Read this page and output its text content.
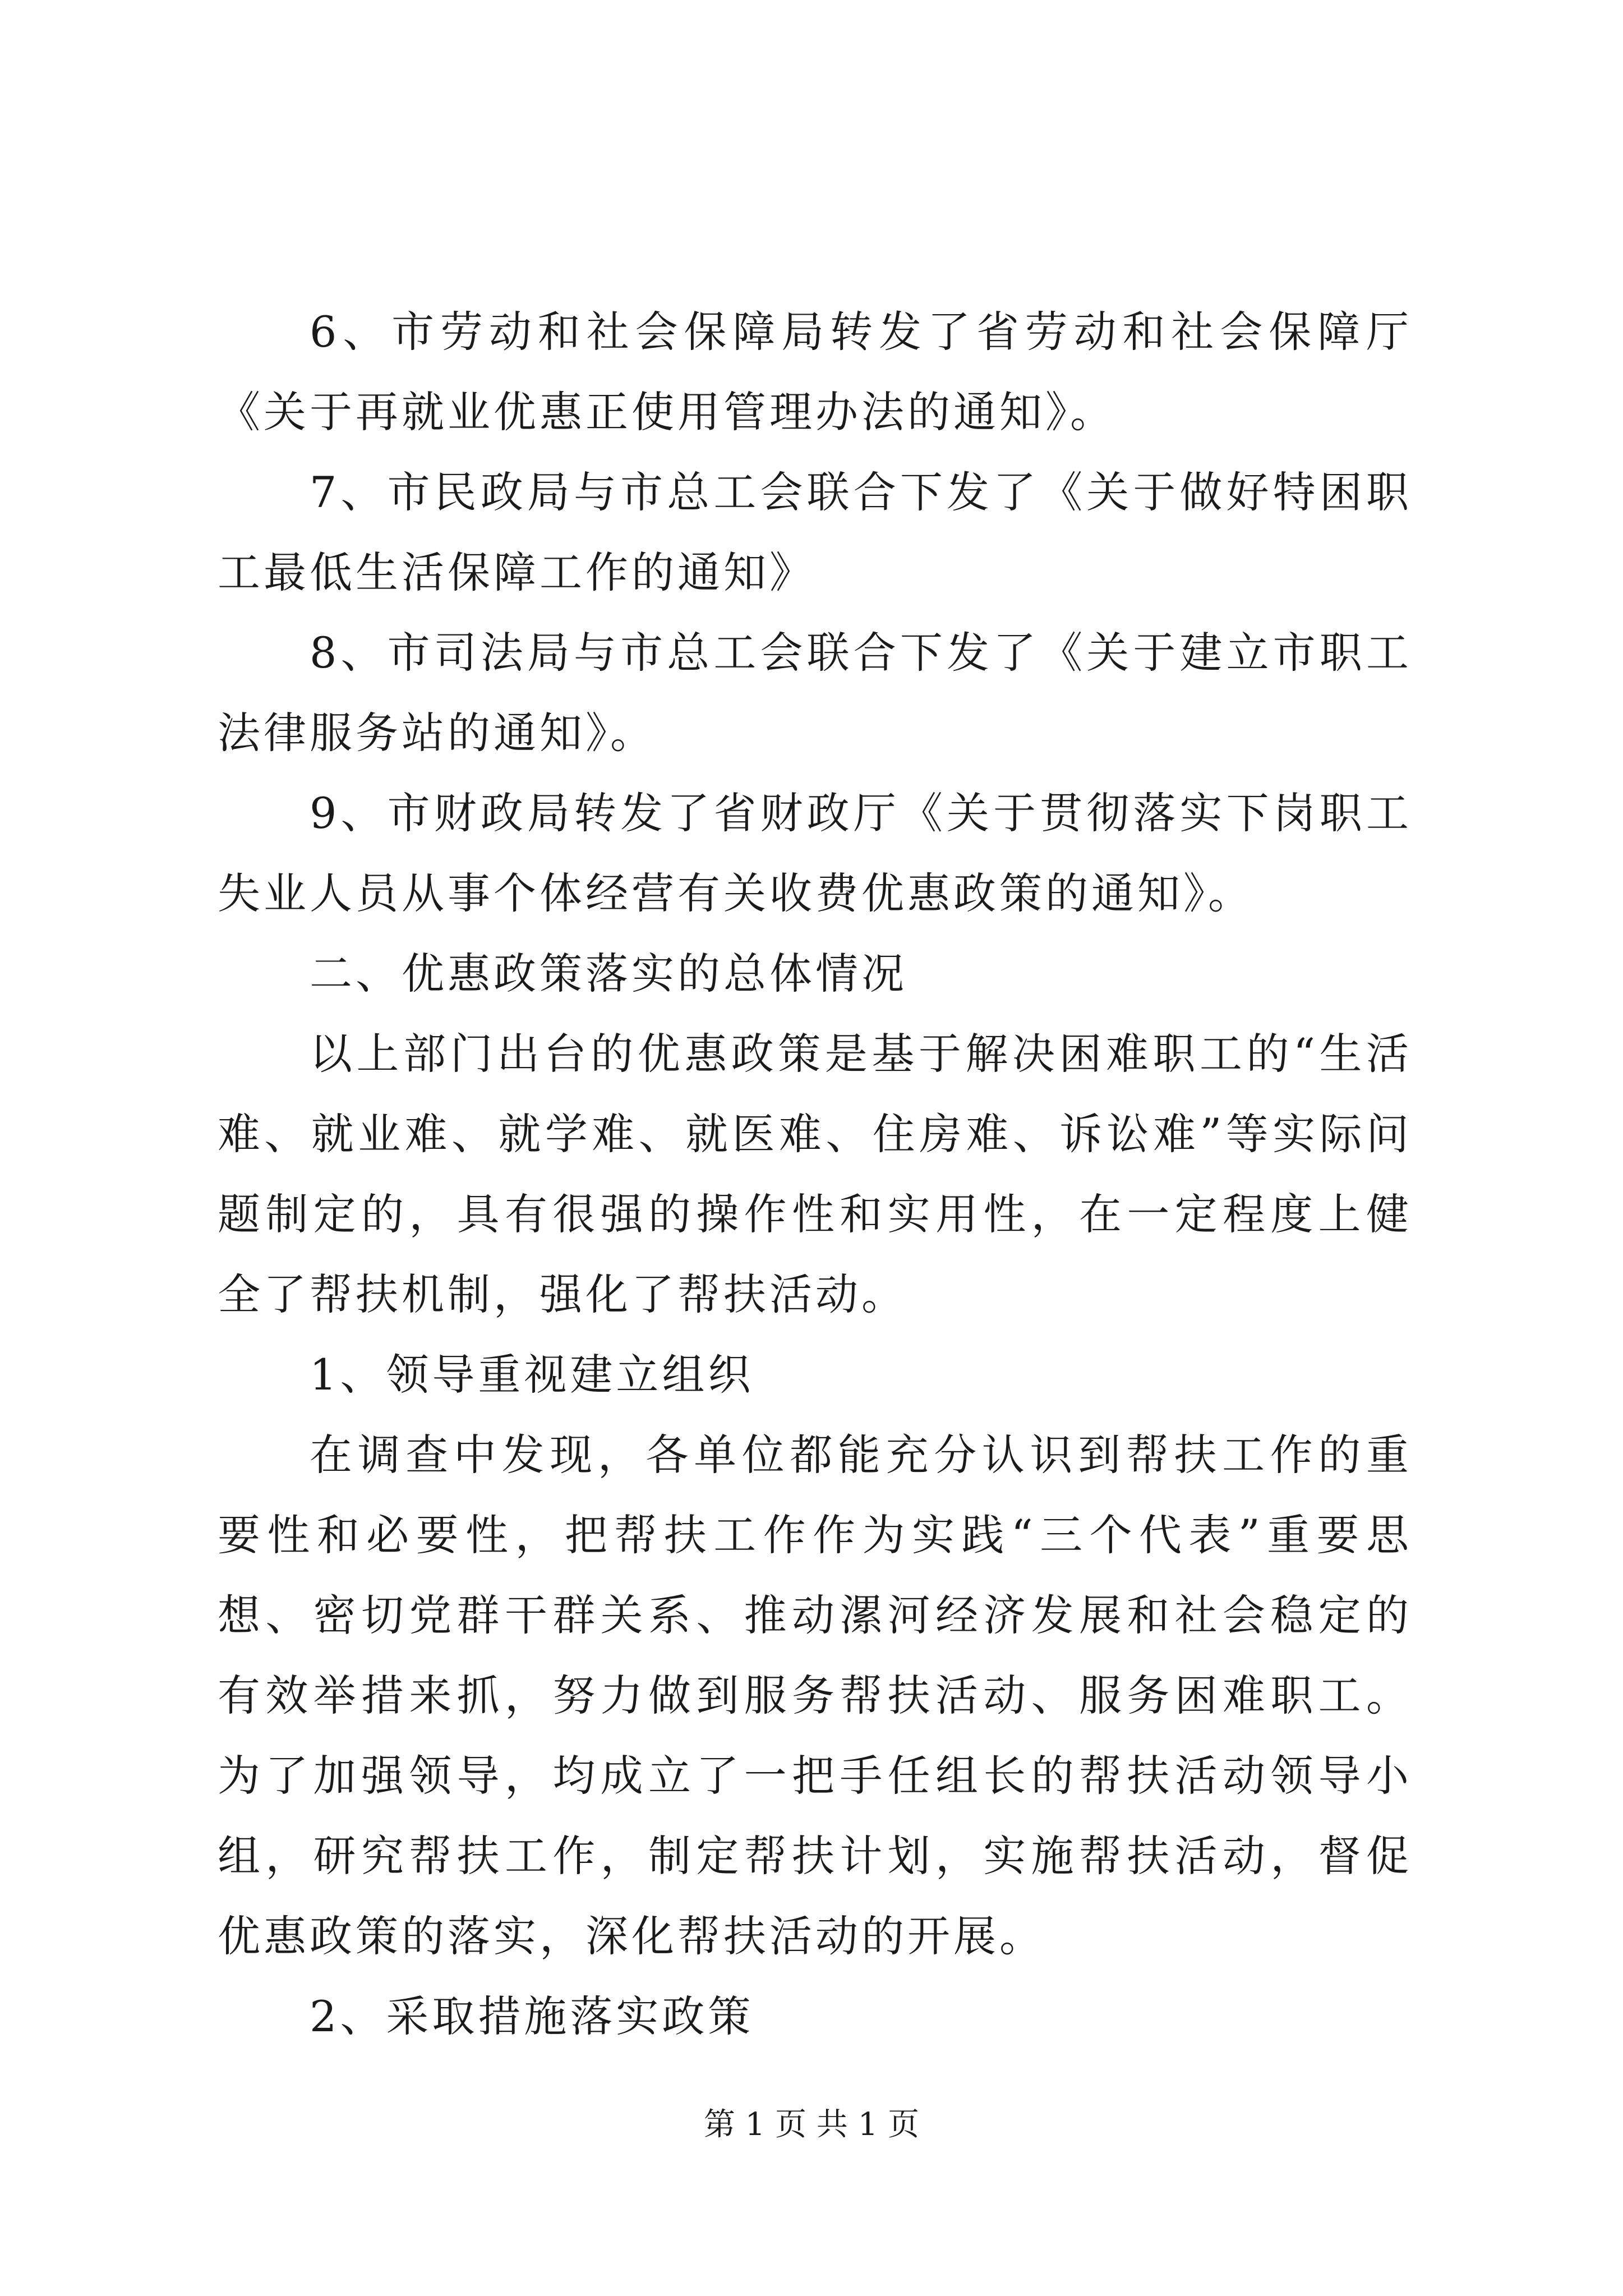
6、市劳动和社会保障局转发了省劳动和社会保障厅《关于再就业优惠正使用管理办法的通知》。

7、市民政局与市总工会联合下发了《关于做好特困职工最低生活保障工作的通知》

8、市司法局与市总工会联合下发了《关于建立市职工法律服务站的通知》。

9、市财政局转发了省财政厅《关于贯彻落实下岗职工失业人员从事个体经营有关收费优惠政策的通知》。

二、优惠政策落实的总体情况

以上部门出台的优惠政策是基于解决困难职工的“生活难、就业难、就学难、就医难、住房难、诉讼难”等实际问题制定的，具有很强的操作性和实用性，在一定程度上健全了帮扶机制，强化了帮扶活动。

1、领导重视建立组织

在调查中发现，各单位都能充分认识到帮扶工作的重要性和必要性，把帮扶工作作为实践“三个代表”重要思想、密切党群干群关系、推动漯河经济发展和社会稳定的有效举措来抓，努力做到服务帮扶活动、服务困难职工。为了加强领导，均成立了一把手任组长的帮扶活动领导小组，研究帮扶工作，制定帮扶计划，实施帮扶活动，督促优惠政策的落实，深化帮扶活动的开展。

2、采取措施落实政策

第 1 页 共 1 页
